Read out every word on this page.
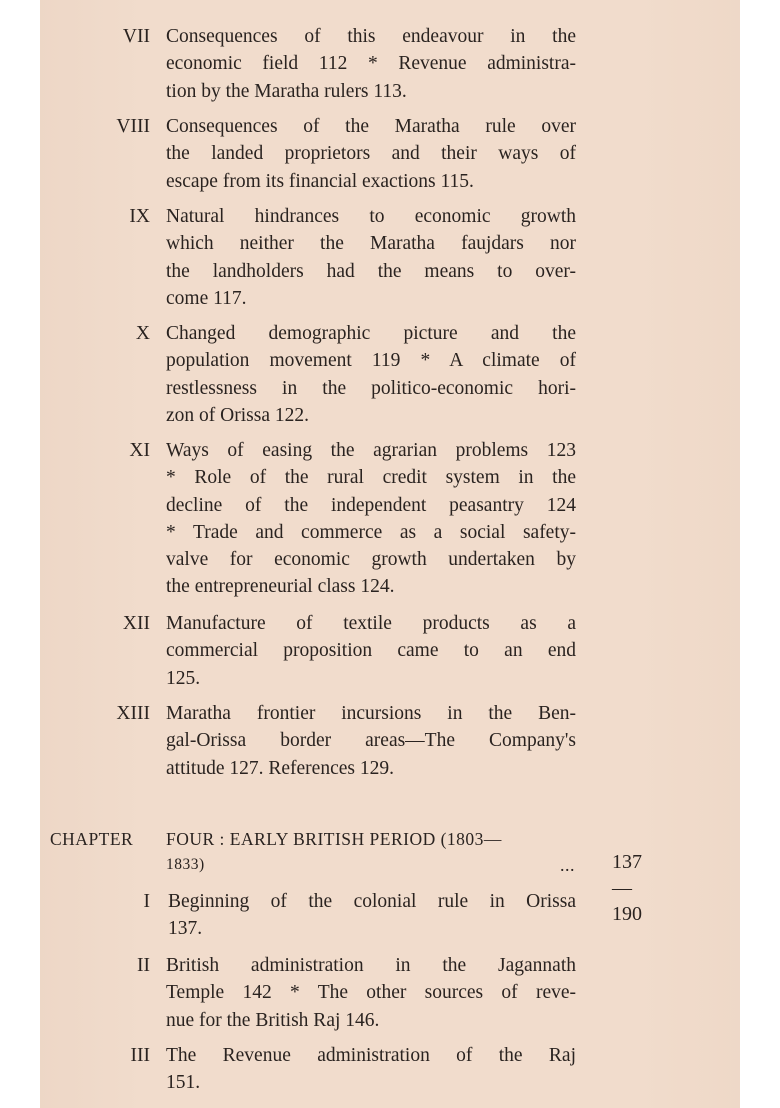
VII Consequences of this endeavour in the
economic field 112 * Revenue administra-
tion by the Maratha rulers 113.
VIII Consequences of the Maratha rule over
the landed proprietors and their ways of
escape from its financial exactions 115.
IX Natural hindrances to economic growth
which neither the Maratha faujdars nor
the landholders had the means to over-
come 117.
X Changed demographic picture and the
population movement 119 * A climate of
restlessness in the politico-economic hori-
zon of Orissa 122.
XI Ways of easing the agrarian problems 123
* Role of the rural credit system in the
decline of the independent peasantry 124
* Trade and commerce as a social safety-
valve for economic growth undertaken by
the entrepreneurial class 124.
XII Manufacture of textile products as a
commercial proposition came to an end
125.
XIII Maratha frontier incursions in the Ben-
gal-Orissa border areas—The Company's
attitude 127. References 129.
CHAPTER FOUR : EARLY BRITISH PERIOD (1803—
1833)	... 137—190
I Beginning of the colonial rule in Orissa
137.
II British administration in the Jagannath
Temple 142 * The other sources of reve-
nue for the British Raj 146.
III The Revenue administration of the Raj
151.
